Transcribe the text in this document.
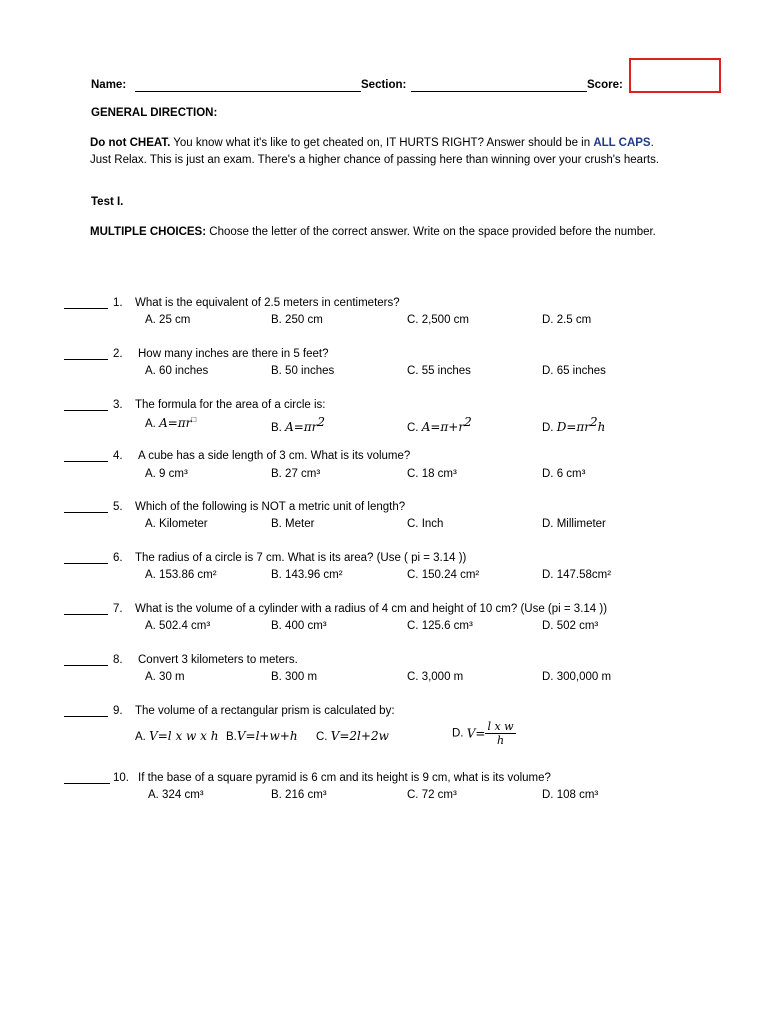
Name:	Section:	Score:
GENERAL DIRECTION:
Do not CHEAT. You know what it's like to get cheated on, IT HURTS RIGHT? Answer should be in ALL CAPS. Just Relax. This is just an exam. There's a higher chance of passing here than winning over your crush's hearts.
Test I.
MULTIPLE CHOICES: Choose the letter of the correct answer. Write on the space provided before the number.
1. What is the equivalent of 2.5 meters in centimeters?
A. 25 cm	B. 250 cm	C. 2,500 cm	D. 2.5 cm
2. How many inches are there in 5 feet?
A. 60 inches	B. 50 inches	C. 55 inches	D. 65 inches
3. The formula for the area of a circle is:
A. A=πr□
B. $A=\pi r^2$	C. $A=\pi+r^2$	D. $D=\pi r^2h$
4. A cube has a side length of 3 cm. What is its volume?
A. 9 cm³	B. 27 cm³	C. 18 cm³	D. 6 cm³
5. Which of the following is NOT a metric unit of length?
A. Kilometer	B. Meter	C. Inch	D. Millimeter
6. The radius of a circle is 7 cm. What is its area? (Use ( pi = 3.14 ))
A. 153.86 cm²	B. 143.96 cm²	C. 150.24 cm²	D. 147.58cm²
7. What is the volume of a cylinder with a radius of 4 cm and height of 10 cm? (Use (pi = 3.14 ))
A. 502.4 cm³	B. 400 cm³	C. 125.6 cm³	D. 502 cm³
8. Convert 3 kilometers to meters.
A. 30 m	B. 300 m	C. 3,000 m	D. 300,000 m
9. The volume of a rectangular prism is calculated by:
A. V=l x w x h B.V=l+w+h C. V=2l+2w	D. $V= \frac{\text{l x w}}{h}$
10. If the base of a square pyramid is 6 cm and its height is 9 cm, what is its volume?
A. 324 cm³	B. 216 cm³	C. 72 cm³	D. 108 cm³
